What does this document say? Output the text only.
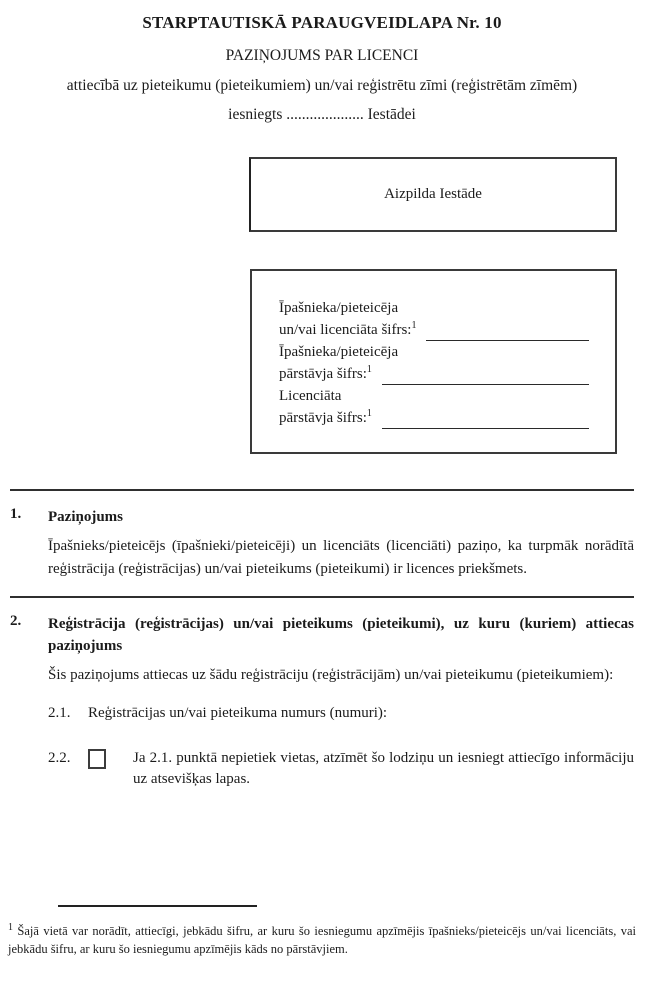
STARPTAUTISKĀ PARAUGVEIDLAPA Nr. 10
PAZIŅOJUMS PAR LICENCI
attiecībā uz pieteikumu (pieteikumiem) un/vai reģistrētu zīmi (reģistrētām zīmēm)
iesniegts .................... Iestādei
Aizpilda Iestāde
Īpašnieka/pieteicēja
un/vai licenciāta šifrs:$^1$
Īpašnieka/pieteicēja
pārstāvja šifrs:$^1$
Licenciāta
pārstāvja šifrs:$^1$
1.	Paziņojums
Īpašnieks/pieteicējs (īpašnieki/pieteicēji) un licenciāts (licenciāti) paziņo, ka turpmāk norādītā reģistrācija (reģistrācijas) un/vai pieteikums (pieteikumi) ir licences priekšmets.
2.	Reģistrācija (reģistrācijas) un/vai pieteikums (pieteikumi), uz kuru (kuriem) attiecas paziņojums
Šis paziņojums attiecas uz šādu reģistrāciju (reģistrācijām) un/vai pieteikumu (pieteikumiem):
2.1.	Reģistrācijas un/vai pieteikuma numurs (numuri):
2.2.	Ja 2.1. punktā nepietiek vietas, atzīmēt šo lodziņu un iesniegt attiecīgo informāciju uz atsevišķas lapas.
$^1$ Šajā vietā var norādīt, attiecīgi, jebkādu šifru, ar kuru šo iesniegumu apzīmējis īpašnieks/pieteicējs un/vai licenciāts, vai jebkādu šifru, ar kuru šo iesniegumu apzīmējis kāds no pārstāvjiem.
